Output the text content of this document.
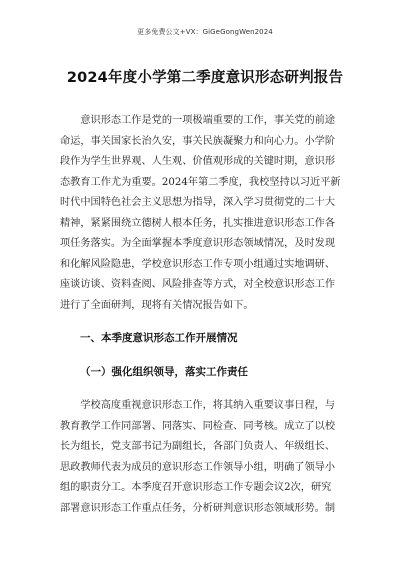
更多免费公文+VX：GiGeGongWen2024
2024年度小学第二季度意识形态研判报告
　　意识形态工作是党的一项极端重要的工作，事关党的前途
命运，事关国家长治久安，事关民族凝聚力和向心力。小学阶
段作为学生世界观、人生观、价值观形成的关键时期，意识形
态教育工作尤为重要。2024年第二季度，我校坚持以习近平新
时代中国特色社会主义思想为指导，深入学习贯彻党的二十大
精神，紧紧围绕立德树人根本任务，扎实推进意识形态工作各
项任务落实。为全面掌握本季度意识形态领域情况，及时发现
和化解风险隐患，学校意识形态工作专项小组通过实地调研、
座谈访谈、资料查阅、风险排查等方式，对全校意识形态工作
进行了全面研判，现将有关情况报告如下。
一、本季度意识形态工作开展情况
（一）强化组织领导，落实工作责任
　　学校高度重视意识形态工作，将其纳入重要议事日程，与
教育教学工作同部署、同落实、同检查、同考核。成立了以校
长为组长，党支部书记为副组长，各部门负责人、年级组长、
思政教师代表为成员的意识形态工作领导小组，明确了领导小
组的职责分工。本季度召开意识形态工作专题会议2次，研究
部署意识形态工作重点任务，分析研判意识形态领域形势。制
